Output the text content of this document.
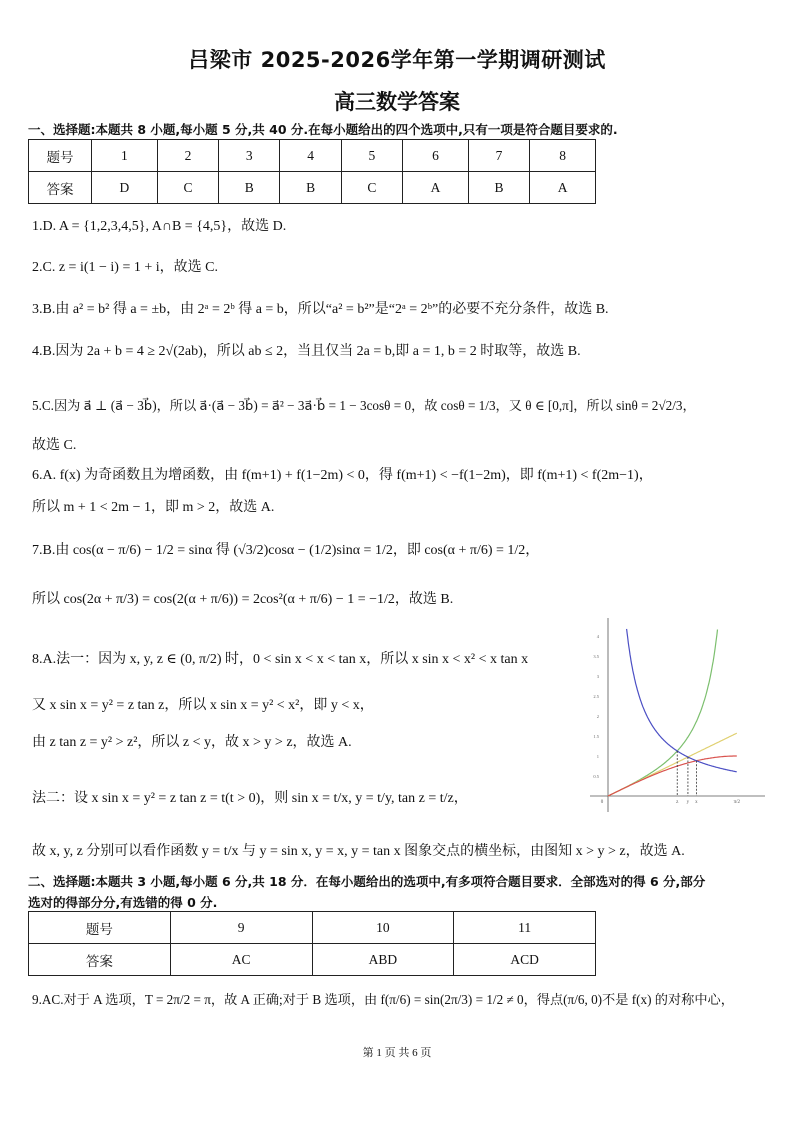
吕梁市 2025-2026学年第一学期调研测试
高三数学答案
一、选择题:本题共 8 小题,每小题 5 分,共 40 分.在每小题给出的四个选项中,只有一项是符合题目要求的.
题号	1	2	3	4	5	6	7	8
答案	D	C	B	B	C	A	B	A
1.D. A = {1,2,3,4,5}, A∩B = {4,5}，故选 D.
2.C. z = i(1 − i) = 1 + i，故选 C.
3.B.由 a² = b² 得 a = ±b，由 2ᵃ = 2ᵇ 得 a = b，所以“a² = b²”是“2ᵃ = 2ᵇ”的必要不充分条件，故选 B.
4.B.因为 2a + b = 4 ≥ 2√(2ab)，所以 ab ≤ 2，当且仅当 2a = b,即 a = 1, b = 2 时取等，故选 B.
5.C.因为 a⃗ ⊥ (a⃗ − 3b⃗)，所以 a⃗·(a⃗ − 3b⃗) = a⃗² − 3a⃗·b⃗ = 1 − 3cosθ = 0，故 cosθ = 1/3，又 θ ∈ [0,π]，所以 sinθ = 2√2/3，
故选 C.
6.A. f(x) 为奇函数且为增函数，由 f(m+1) + f(1−2m) < 0，得 f(m+1) < −f(1−2m)，即 f(m+1) < f(2m−1)，
所以 m + 1 < 2m − 1，即 m > 2，故选 A.
7.B.由 cos(α − π/6) − 1/2 = sinα 得 (√3/2)cosα − (1/2)sinα = 1/2，即 cos(α + π/6) = 1/2，
所以 cos(2α + π/3) = cos(2(α + π/6)) = 2cos²(α + π/6) − 1 = −1/2，故选 B.
8.A.法一：因为 x, y, z ∈ (0, π/2) 时，0 < sin x < x < tan x，所以 x sin x < x² < x tan x
又 x sin x = y² = z tan z，所以 x sin x = y² < x²，即 y < x，
由 z tan z = y² > z²，所以 z < y，故 x > y > z，故选 A.
法二：设 x sin x = y² = z tan z = t(t > 0)，则 sin x = t/x, y = t/y, tan z = t/z，
故 x, y, z 分别可以看作函数 y = t/x 与 y = sin x, y = x, y = tan x 图象交点的横坐标，由图知 x > y > z，故选 A.
二、选择题:本题共 3 小题,每小题 6 分,共 18 分．在每小题给出的选项中,有多项符合题目要求．全部选对的得 6 分,部分
选对的得部分分,有选错的得 0 分.
题号	9	10	11
答案	AC	ABD	ACD
9.AC.对于 A 选项，T = 2π/2 = π，故 A 正确;对于 B 选项，由 f(π/6) = sin(2π/3) = 1/2 ≠ 0，得点(π/6, 0)不是 f(x) 的对称中心，
0.5
1
1.5
2
2.5
3
3.5
4
0	z y x	π/2
第 1 页 共 6 页
